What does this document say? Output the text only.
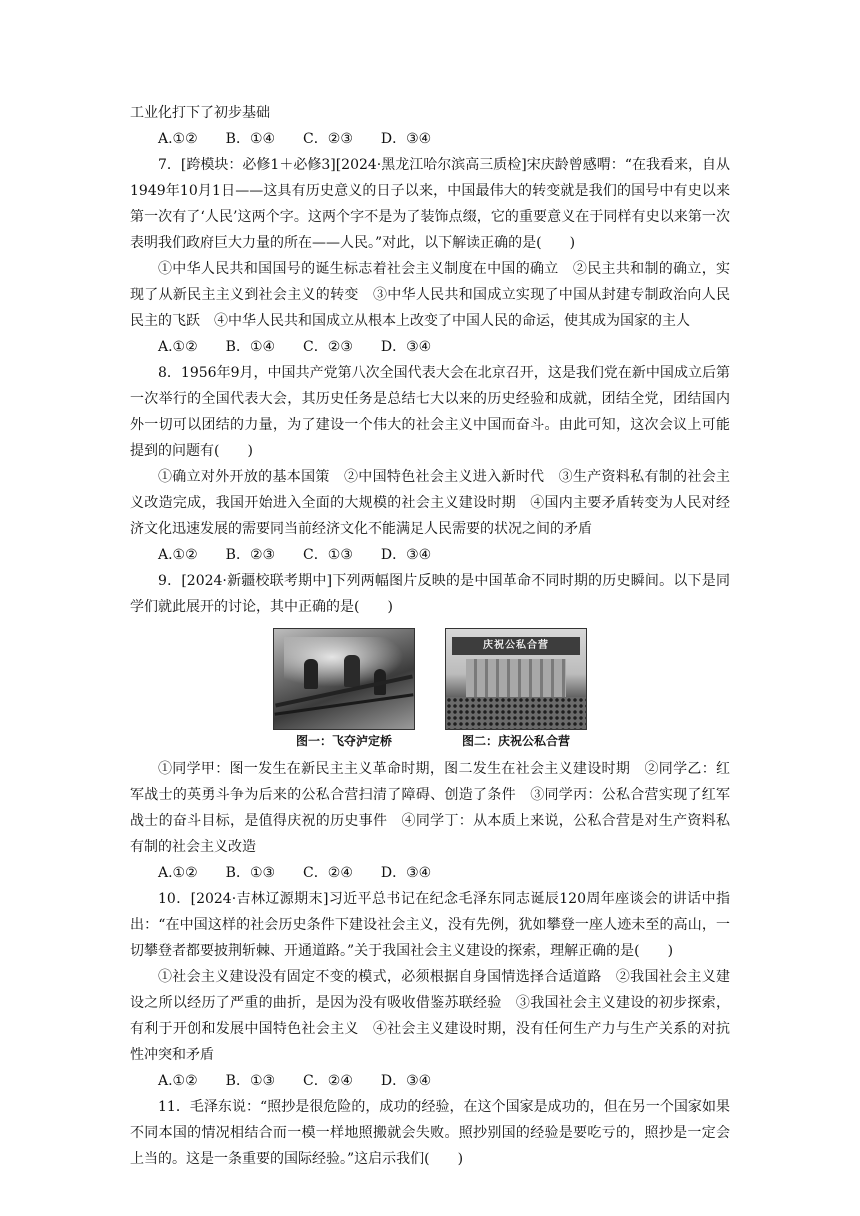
工业化打下了初步基础

A.①②　　B．①④　　C．②③　　D．③④

7．[跨模块：必修1＋必修3][2024·黑龙江哈尔滨高三质检]宋庆龄曾感喟：“在我看来，自从1949年10月1日——这具有历史意义的日子以来，中国最伟大的转变就是我们的国号中有史以来第一次有了‘人民’这两个字。这两个字不是为了装饰点缀，它的重要意义在于同样有史以来第一次表明我们政府巨大力量的所在——人民。”对此，以下解读正确的是(　　)

①中华人民共和国国号的诞生标志着社会主义制度在中国的确立　②民主共和制的确立，实现了从新民主主义到社会主义的转变　③中华人民共和国成立实现了中国从封建专制政治向人民民主的飞跃　④中华人民共和国成立从根本上改变了中国人民的命运，使其成为国家的主人

A.①②　　B．①④　　C．②③　　D．③④

8．1956年9月，中国共产党第八次全国代表大会在北京召开，这是我们党在新中国成立后第一次举行的全国代表大会，其历史任务是总结七大以来的历史经验和成就，团结全党，团结国内外一切可以团结的力量，为了建设一个伟大的社会主义中国而奋斗。由此可知，这次会议上可能提到的问题有(　　)

①确立对外开放的基本国策　②中国特色社会主义进入新时代　③生产资料私有制的社会主义改造完成，我国开始进入全面的大规模的社会主义建设时期　④国内主要矛盾转变为人民对经济文化迅速发展的需要同当前经济文化不能满足人民需要的状况之间的矛盾

A.①②　　B．②③　　C．①③　　D．③④

9．[2024·新疆校联考期中]下列两幅图片反映的是中国革命不同时期的历史瞬间。以下是同学们就此展开的讨论，其中正确的是(　　)

图一：飞夺泸定桥
庆祝公私合营
图二：庆祝公私合营

①同学甲：图一发生在新民主主义革命时期，图二发生在社会主义建设时期　②同学乙：红军战士的英勇斗争为后来的公私合营扫清了障碍、创造了条件　③同学丙：公私合营实现了红军战士的奋斗目标，是值得庆祝的历史事件　④同学丁：从本质上来说，公私合营是对生产资料私有制的社会主义改造

A.①②　　B．①③　　C．②④　　D．③④

10．[2024·吉林辽源期末]习近平总书记在纪念毛泽东同志诞辰120周年座谈会的讲话中指出：“在中国这样的社会历史条件下建设社会主义，没有先例，犹如攀登一座人迹未至的高山，一切攀登者都要披荆斩棘、开通道路。”关于我国社会主义建设的探索，理解正确的是(　　)

①社会主义建设没有固定不变的模式，必须根据自身国情选择合适道路　②我国社会主义建设之所以经历了严重的曲折，是因为没有吸收借鉴苏联经验　③我国社会主义建设的初步探索，有利于开创和发展中国特色社会主义　④社会主义建设时期，没有任何生产力与生产关系的对抗性冲突和矛盾

A.①②　　B．①③　　C．②④　　D．③④

11．毛泽东说：“照抄是很危险的，成功的经验，在这个国家是成功的，但在另一个国家如果不同本国的情况相结合而一模一样地照搬就会失败。照抄别国的经验是要吃亏的，照抄是一定会上当的。这是一条重要的国际经验。”这启示我们(　　)
